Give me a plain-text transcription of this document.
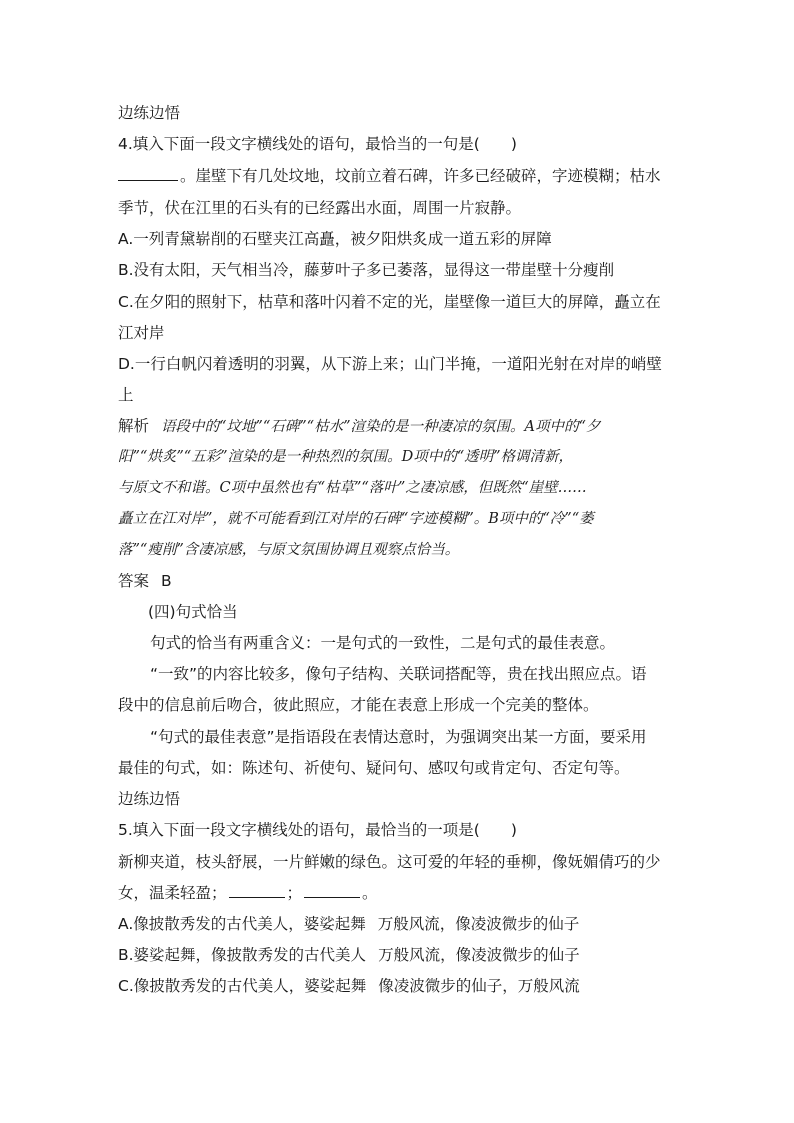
边练边悟
4.填入下面一段文字横线处的语句，最恰当的一句是(　　)
。崖壁下有几处坟地，坟前立着石碑，许多已经破碎，字迹模糊；枯水
季节，伏在江里的石头有的已经露出水面，周围一片寂静。
A.一列青黛崭削的石壁夹江高矗，被夕阳烘炙成一道五彩的屏障
B.没有太阳，天气相当冷，藤萝叶子多已萎落，显得这一带崖壁十分瘦削
C.在夕阳的照射下，枯草和落叶闪着不定的光，崖壁像一道巨大的屏障，矗立在
江对岸
D.一行白帆闪着透明的羽翼，从下游上来；山门半掩，一道阳光射在对岸的峭壁
上
解析 语段中的“坟地”“石碑”“枯水”渲染的是一种凄凉的氛围。A项中的“夕
阳”“烘炙”“五彩”渲染的是一种热烈的氛围。D项中的“透明”格调清新，
与原文不和谐。C项中虽然也有“枯草”“落叶”之凄凉感，但既然“崖壁……
矗立在江对岸”，就不可能看到江对岸的石碑“字迹模糊”。B项中的“冷”“萎
落”“瘦削”含凄凉感，与原文氛围协调且观察点恰当。
答案 B
(四)句式恰当
句式的恰当有两重含义：一是句式的一致性，二是句式的最佳表意。
“一致”的内容比较多，像句子结构、关联词搭配等，贵在找出照应点。语
段中的信息前后吻合，彼此照应，才能在表意上形成一个完美的整体。
“句式的最佳表意”是指语段在表情达意时，为强调突出某一方面，要采用
最佳的句式，如：陈述句、祈使句、疑问句、感叹句或肯定句、否定句等。
边练边悟
5.填入下面一段文字横线处的语句，最恰当的一项是(　　)
新柳夹道，枝头舒展，一片鲜嫩的绿色。这可爱的年轻的垂柳，像妩媚倩巧的少
女，温柔轻盈；	；	。
A.像披散秀发的古代美人，婆娑起舞 万般风流，像凌波微步的仙子
B.婆娑起舞，像披散秀发的古代美人 万般风流，像凌波微步的仙子
C.像披散秀发的古代美人，婆娑起舞 像凌波微步的仙子，万般风流
